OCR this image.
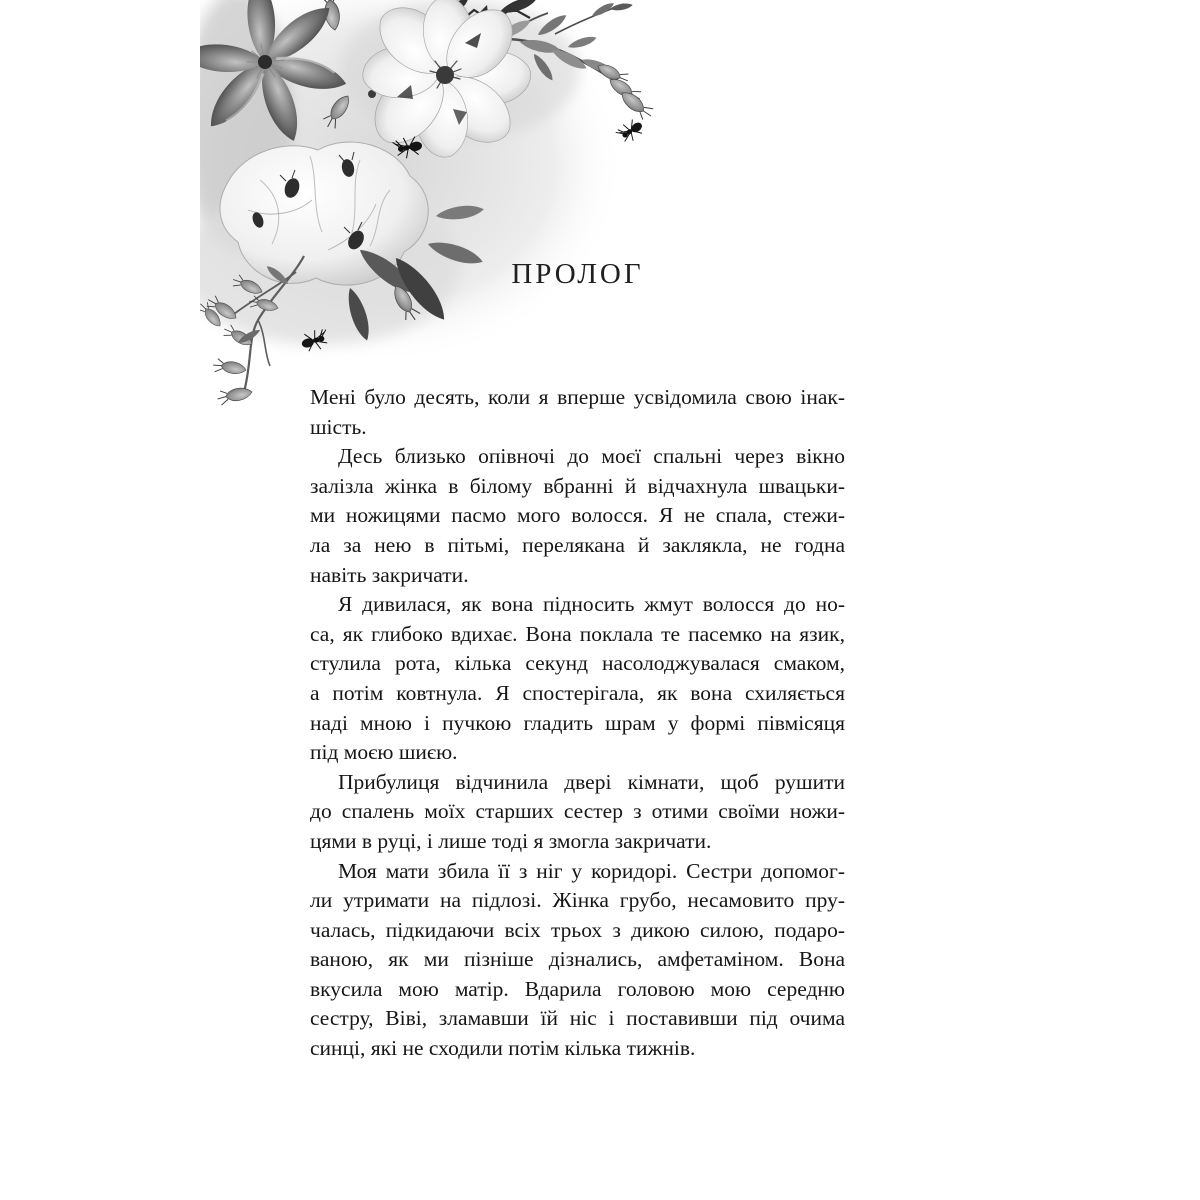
ПРОЛОГ
Мені було десять, коли я вперше усвідомила свою інак-
шість.
Десь близько опівночі до моєї спальні через вікно
залізла жінка в білому вбранні й відчахнула швацьки-
ми ножицями пасмо мого волосся. Я не спала, стежи-
ла за нею в пітьмі, перелякана й заклякла, не годна
навіть закричати.
Я дивилася, як вона підносить жмут волосся до но-
са, як глибоко вдихає. Вона поклала те пасемко на язик,
стулила рота, кілька секунд насолоджувалася смаком,
а потім ковтнула. Я спостерігала, як вона схиляється
наді мною і пучкою гладить шрам у формі півмісяця
під моєю шиєю.
Прибулиця відчинила двері кімнати, щоб рушити
до спалень моїх старших сестер з отими своїми ножи-
цями в руці, і лише тоді я змогла закричати.
Моя мати збила її з ніг у коридорі. Сестри допомог-
ли утримати на підлозі. Жінка грубо, несамовито пру-
чалась, підкидаючи всіх трьох з дикою силою, подаро-
ваною, як ми пізніше дізнались, амфетаміном. Вона
вкусила мою матір. Вдарила головою мою середню
сестру, Віві, зламавши їй ніс і поставивши під очима
синці, які не сходили потім кілька тижнів.
